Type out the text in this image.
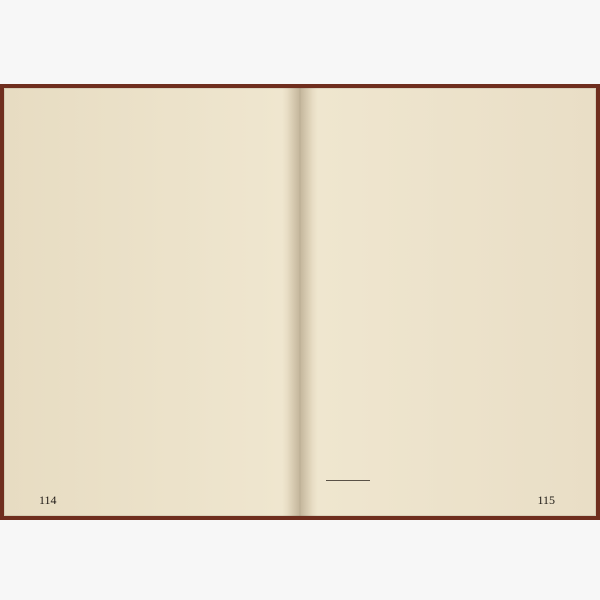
114	115
